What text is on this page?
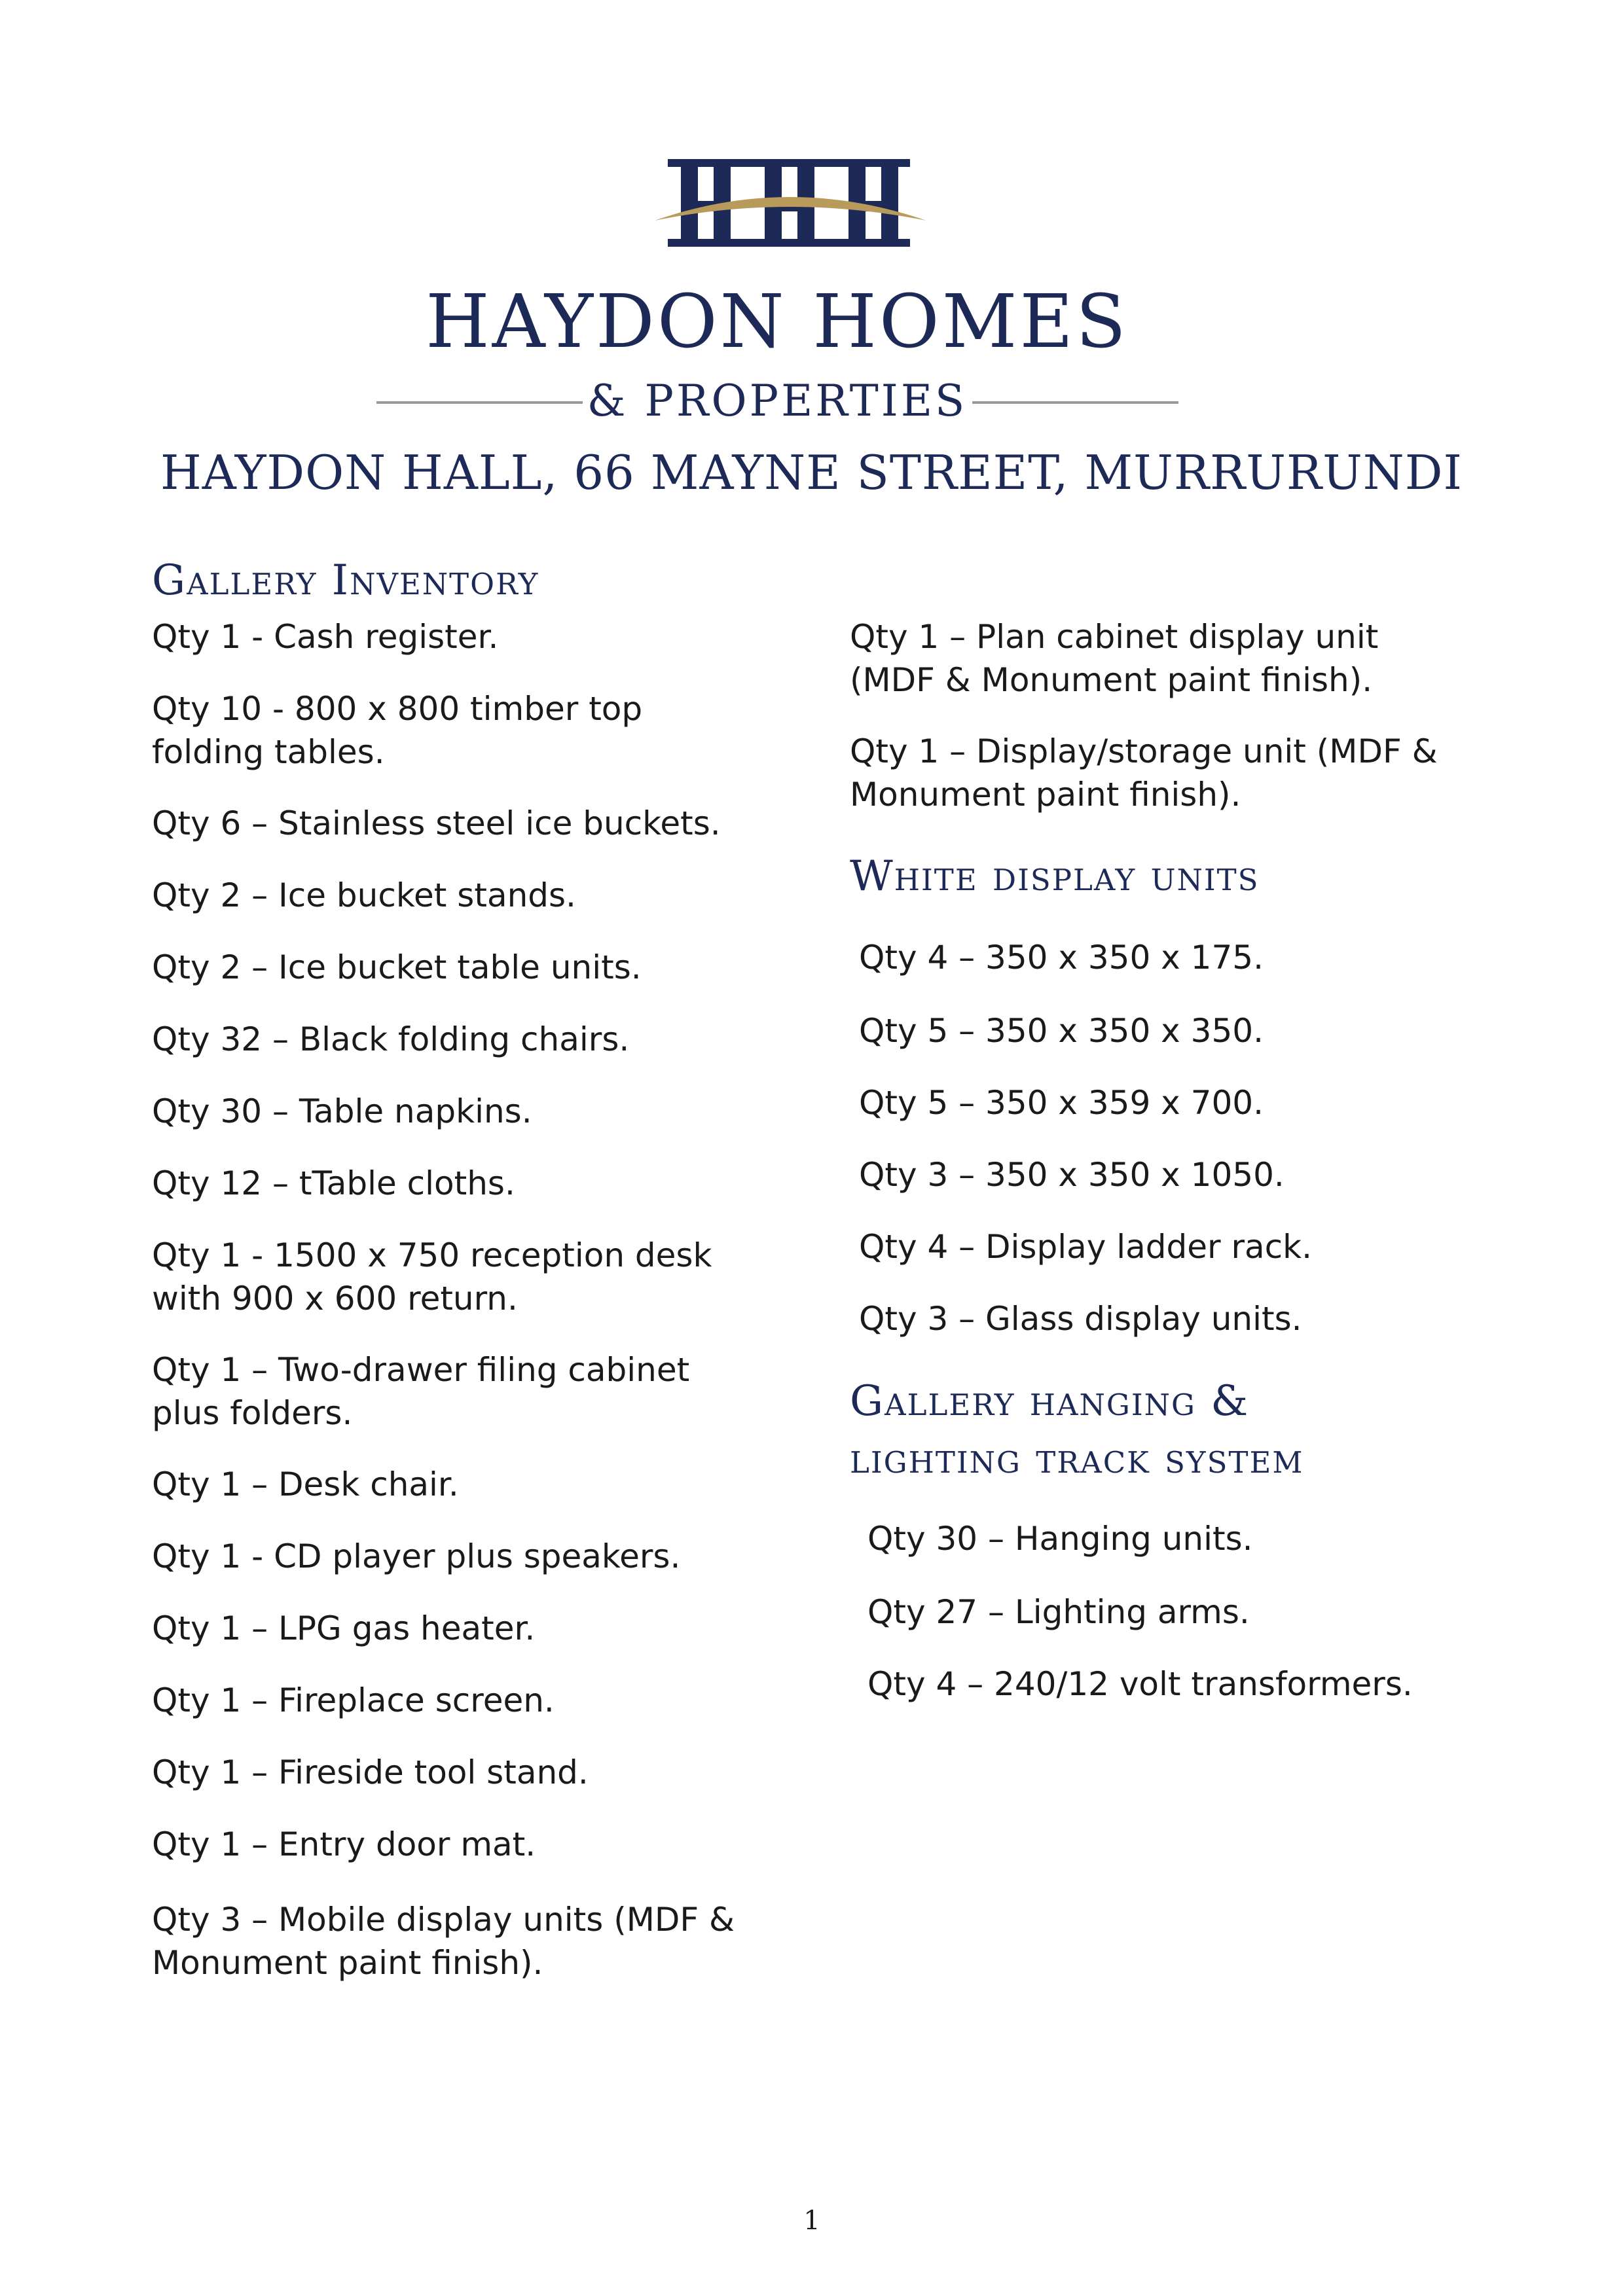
HAYDON HOMES
& PROPERTIES
HAYDON HALL, 66 MAYNE STREET, MURRURUNDI
Gallery Inventory
Qty 1 - Cash register.
Qty 10 - 800 x 800 timber top
folding tables.
Qty 6 – Stainless steel ice buckets.
Qty 2 – Ice bucket stands.
Qty 2 – Ice bucket table units.
Qty 32 – Black folding chairs.
Qty 30 – Table napkins.
Qty 12 – tTable cloths.
Qty 1 - 1500 x 750 reception desk
with 900 x 600 return.
Qty 1 – Two-drawer filing cabinet
plus folders.
Qty 1 – Desk chair.
Qty 1 - CD player plus speakers.
Qty 1 – LPG gas heater.
Qty 1 – Fireplace screen.
Qty 1 – Fireside tool stand.
Qty 1 – Entry door mat.
Qty 3 – Mobile display units (MDF &
Monument paint finish).
Qty 1 – Plan cabinet display unit
(MDF & Monument paint finish).
Qty 1 – Display/storage unit (MDF &
Monument paint finish).
White display units
Qty 4 – 350 x 350 x 175.
Qty 5 – 350 x 350 x 350.
Qty 5 – 350 x 359 x 700.
Qty 3 – 350 x 350 x 1050.
Qty 4 – Display ladder rack.
Qty 3 – Glass display units.
Gallery hanging &
lighting track system
Qty 30 – Hanging units.
Qty 27 – Lighting arms.
Qty 4 – 240/12 volt transformers.
1
